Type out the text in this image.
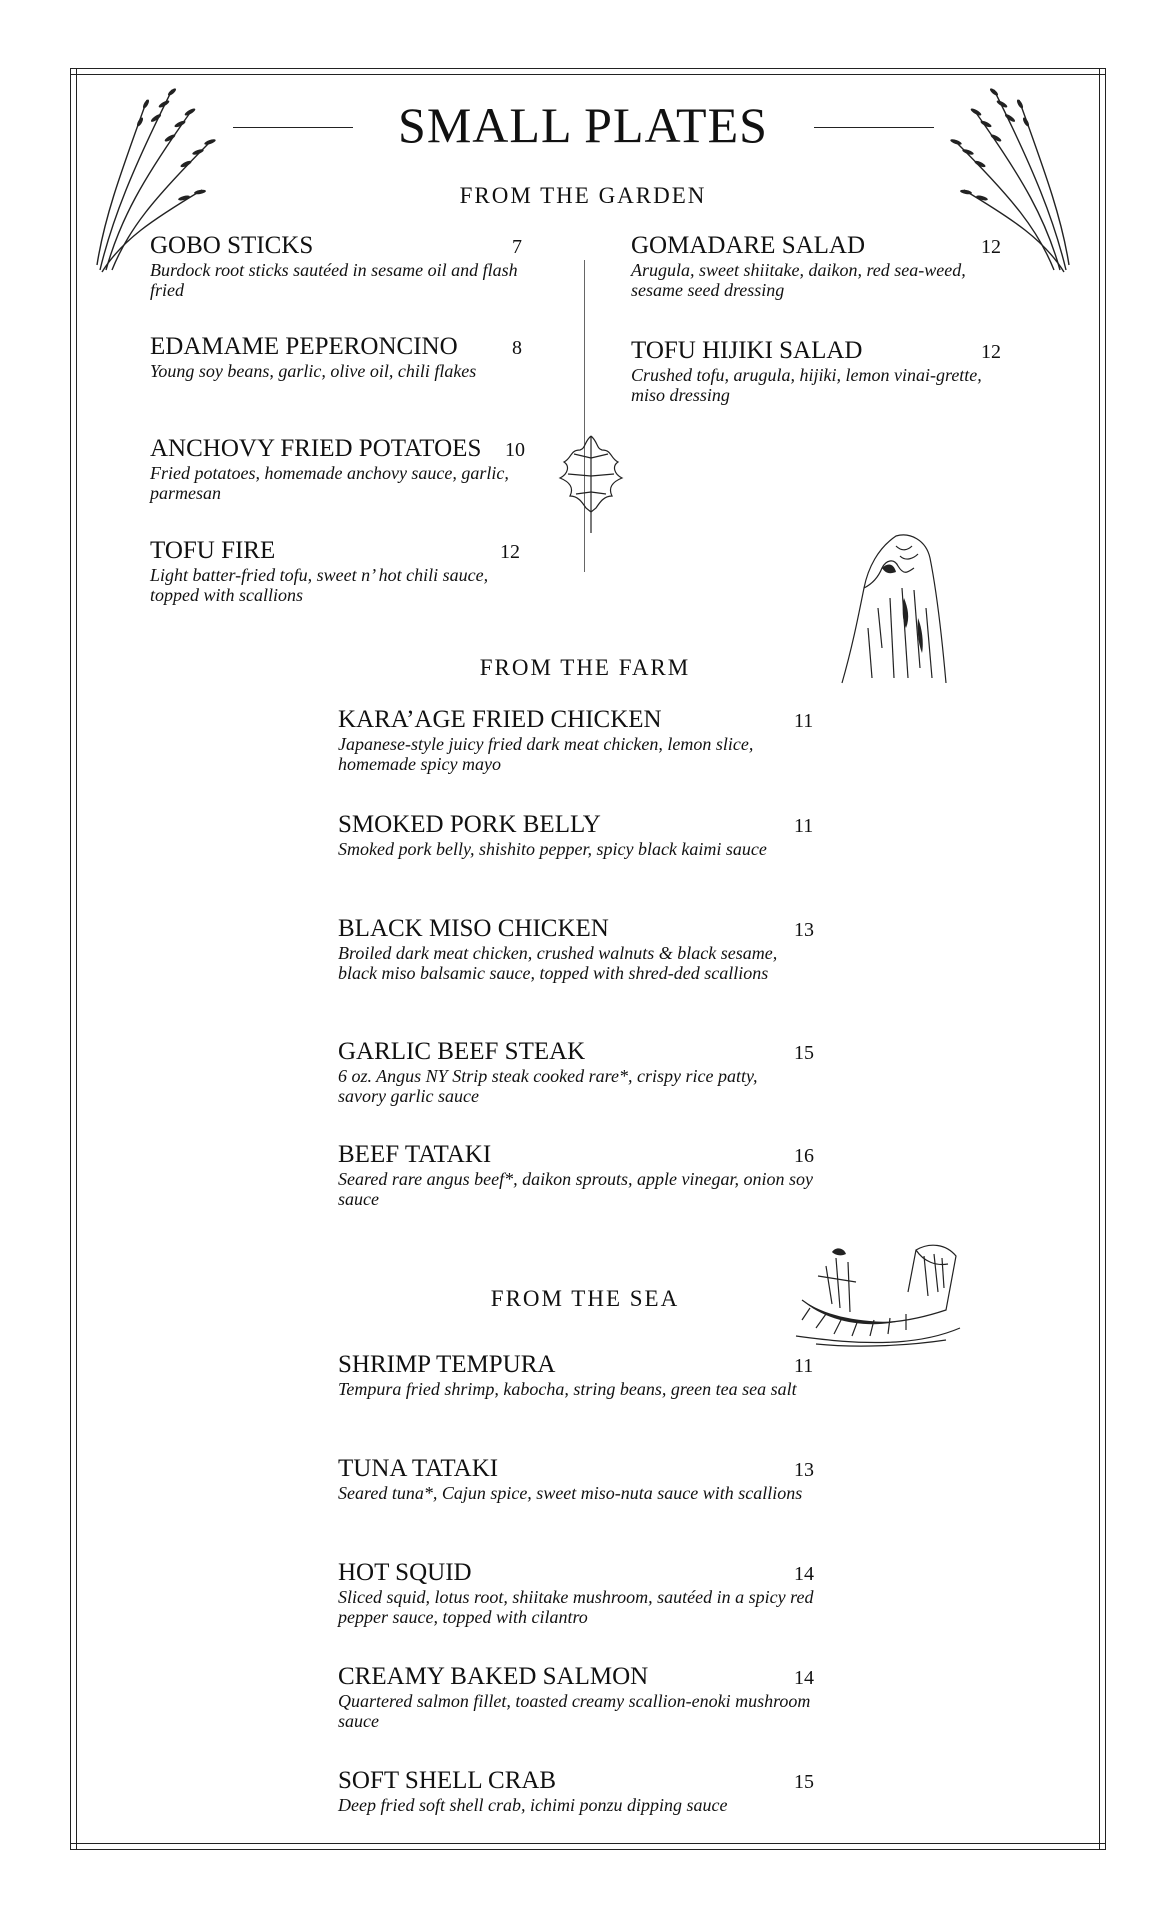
SMALL PLATES
FROM THE GARDEN
GOBO STICKS	7
Burdock root sticks sautéed in sesame oil and flash fried
EDAMAME PEPERONCINO	8
Young soy beans, garlic, olive oil, chili flakes
ANCHOVY FRIED POTATOES	10
Fried potatoes, homemade anchovy sauce, garlic, parmesan
TOFU FIRE	12
Light batter-fried tofu, sweet n’ hot chili sauce, topped with scallions
GOMADARE SALAD	12
Arugula, sweet shiitake, daikon, red sea-weed, sesame seed dressing
TOFU HIJIKI SALAD	12
Crushed tofu, arugula, hijiki, lemon vinai-grette, miso dressing
FROM THE FARM
KARA’AGE FRIED CHICKEN	11
Japanese-style juicy fried dark meat chicken, lemon slice, homemade spicy mayo
SMOKED PORK BELLY	11
Smoked pork belly, shishito pepper, spicy black kaimi sauce
BLACK MISO CHICKEN	13
Broiled dark meat chicken, crushed walnuts & black sesame, black miso balsamic sauce, topped with shred-ded scallions
GARLIC BEEF STEAK	15
6 oz. Angus NY Strip steak cooked rare*, crispy rice patty, savory garlic sauce
BEEF TATAKI	16
Seared rare angus beef*, daikon sprouts, apple vinegar, onion soy sauce
FROM THE SEA
SHRIMP TEMPURA	11
Tempura fried shrimp, kabocha, string beans, green tea sea salt
TUNA TATAKI	13
Seared tuna*, Cajun spice, sweet miso-nuta sauce with scallions
HOT SQUID	14
Sliced squid, lotus root, shiitake mushroom, sautéed in a spicy red pepper sauce, topped with cilantro
CREAMY BAKED SALMON	14
Quartered salmon fillet, toasted creamy scallion-enoki mushroom sauce
SOFT SHELL CRAB	15
Deep fried soft shell crab, ichimi ponzu dipping sauce
